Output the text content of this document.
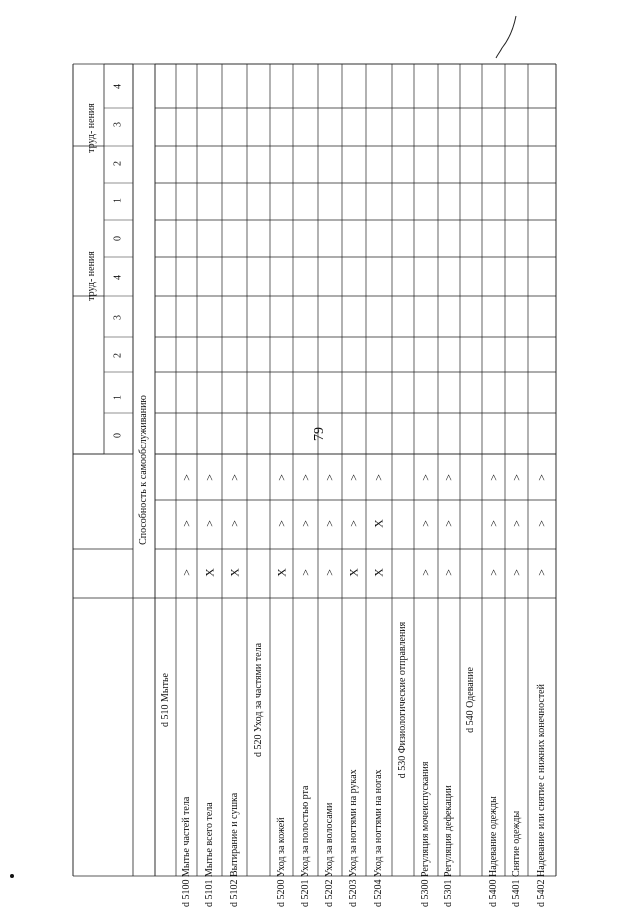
79
Способность к самообслуживанию
0
1
2
3
4
0
1
2
3
4
труд- нения
труд- нения
d 510 Мытье
d 5100 Мытье частей тела
>
>
>
d 5101 Мытье всего тела
X
>
>
d 5102 Вытирание и сушка
X
>
>
d 520 Уход за частями тела
d 5200 Уход за кожей
X
>
>
d 5201 Уход за полостью рта
>
>
>
d 5202 Уход за волосами
>
>
>
d 5203 Уход за ногтями на руках
X
>
>
d 5204 Уход за ногтями на ногах
X
X
>
d 530 Физиологические отправления
d 5300 Регуляция мочеиспускания
>
>
>
d 5301 Регуляция дефекации
>
>
>
d 540 Одевание
d 5400 Надевание одежды
>
>
>
d 5401 Снятие одежды
>
>
>
d 5402 Надевание или снятие с нижних конечностей
>
>
>
